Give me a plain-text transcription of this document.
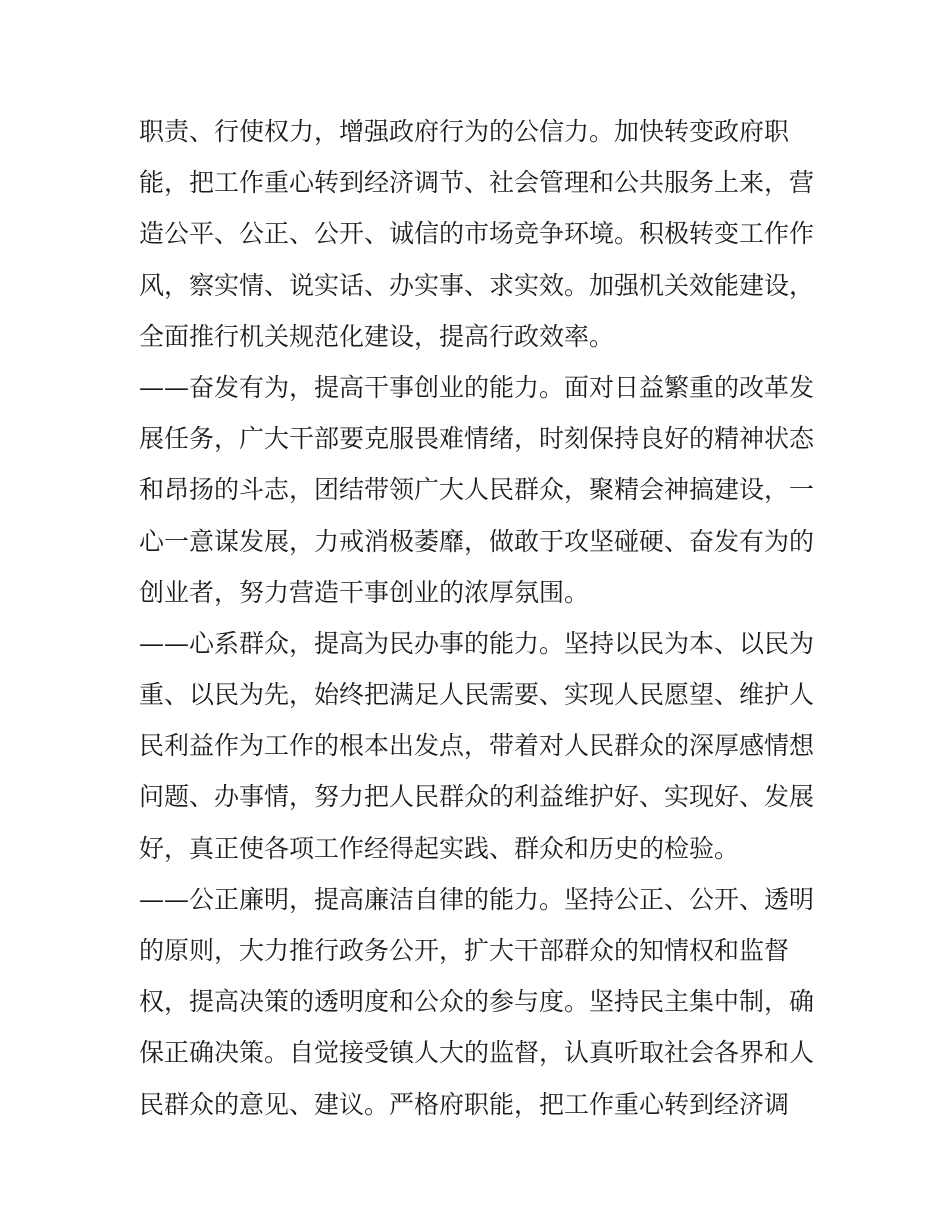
职责、行使权力，增强政府行为的公信力。加快转变政府职
能，把工作重心转到经济调节、社会管理和公共服务上来，营
造公平、公正、公开、诚信的市场竞争环境。积极转变工作作
风，察实情、说实话、办实事、求实效。加强机关效能建设，
全面推行机关规范化建设，提高行政效率。
——奋发有为，提高干事创业的能力。面对日益繁重的改革发
展任务，广大干部要克服畏难情绪，时刻保持良好的精神状态
和昂扬的斗志，团结带领广大人民群众，聚精会神搞建设，一
心一意谋发展，力戒消极萎靡，做敢于攻坚碰硬、奋发有为的
创业者，努力营造干事创业的浓厚氛围。
——心系群众，提高为民办事的能力。坚持以民为本、以民为
重、以民为先，始终把满足人民需要、实现人民愿望、维护人
民利益作为工作的根本出发点，带着对人民群众的深厚感情想
问题、办事情，努力把人民群众的利益维护好、实现好、发展
好，真正使各项工作经得起实践、群众和历史的检验。
——公正廉明，提高廉洁自律的能力。坚持公正、公开、透明
的原则，大力推行政务公开，扩大干部群众的知情权和监督
权，提高决策的透明度和公众的参与度。坚持民主集中制，确
保正确决策。自觉接受镇人大的监督，认真听取社会各界和人
民群众的意见、建议。严格府职能，把工作重心转到经济调
